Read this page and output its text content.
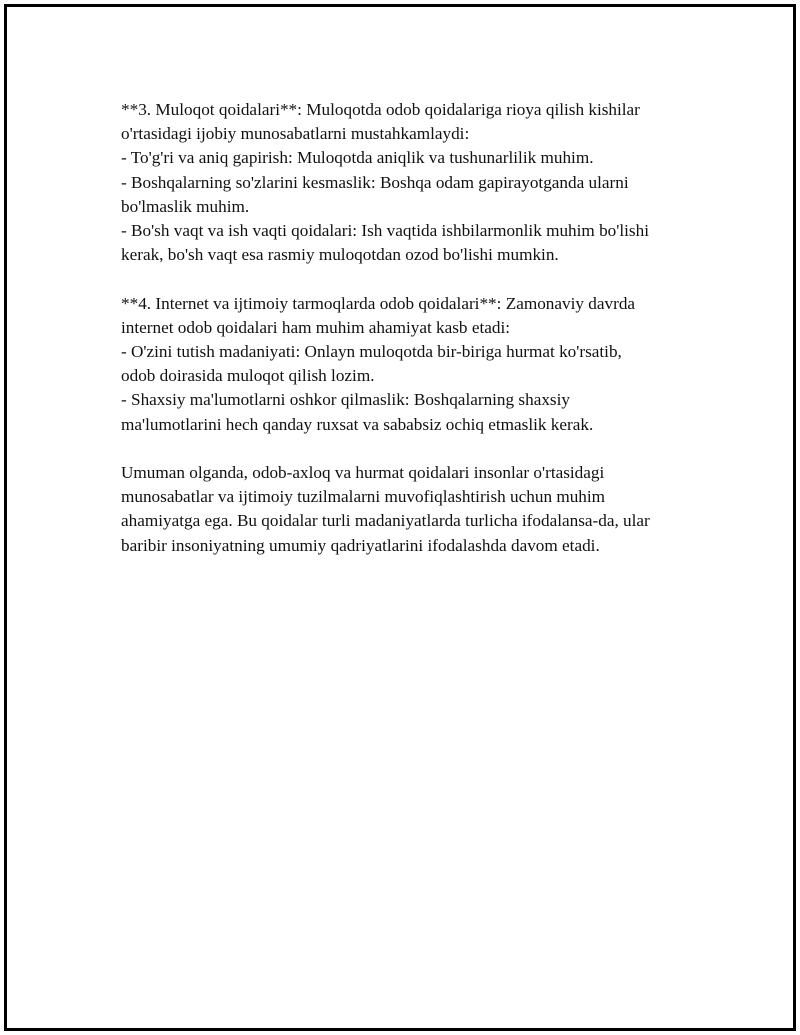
**3. Muloqot qoidalari**: Muloqotda odob qoidalariga rioya qilish kishilar
o'rtasidagi ijobiy munosabatlarni mustahkamlaydi:
- To'g'ri va aniq gapirish: Muloqotda aniqlik va tushunarlilik muhim.
- Boshqalarning so'zlarini kesmaslik: Boshqa odam gapirayotganda ularni
bo'lmaslik muhim.
- Bo'sh vaqt va ish vaqti qoidalari: Ish vaqtida ishbilarmonlik muhim bo'lishi
kerak, bo'sh vaqt esa rasmiy muloqotdan ozod bo'lishi mumkin.

**4. Internet va ijtimoiy tarmoqlarda odob qoidalari**: Zamonaviy davrda
internet odob qoidalari ham muhim ahamiyat kasb etadi:
- O'zini tutish madaniyati: Onlayn muloqotda bir-biriga hurmat ko'rsatib,
odob doirasida muloqot qilish lozim.
- Shaxsiy ma'lumotlarni oshkor qilmaslik: Boshqalarning shaxsiy
ma'lumotlarini hech qanday ruxsat va sababsiz ochiq etmaslik kerak.

Umuman olganda, odob-axloq va hurmat qoidalari insonlar o'rtasidagi
munosabatlar va ijtimoiy tuzilmalarni muvofiqlashtirish uchun muhim
ahamiyatga ega. Bu qoidalar turli madaniyatlarda turlicha ifodalansa-da, ular
baribir insoniyatning umumiy qadriyatlarini ifodalashda davom etadi.
